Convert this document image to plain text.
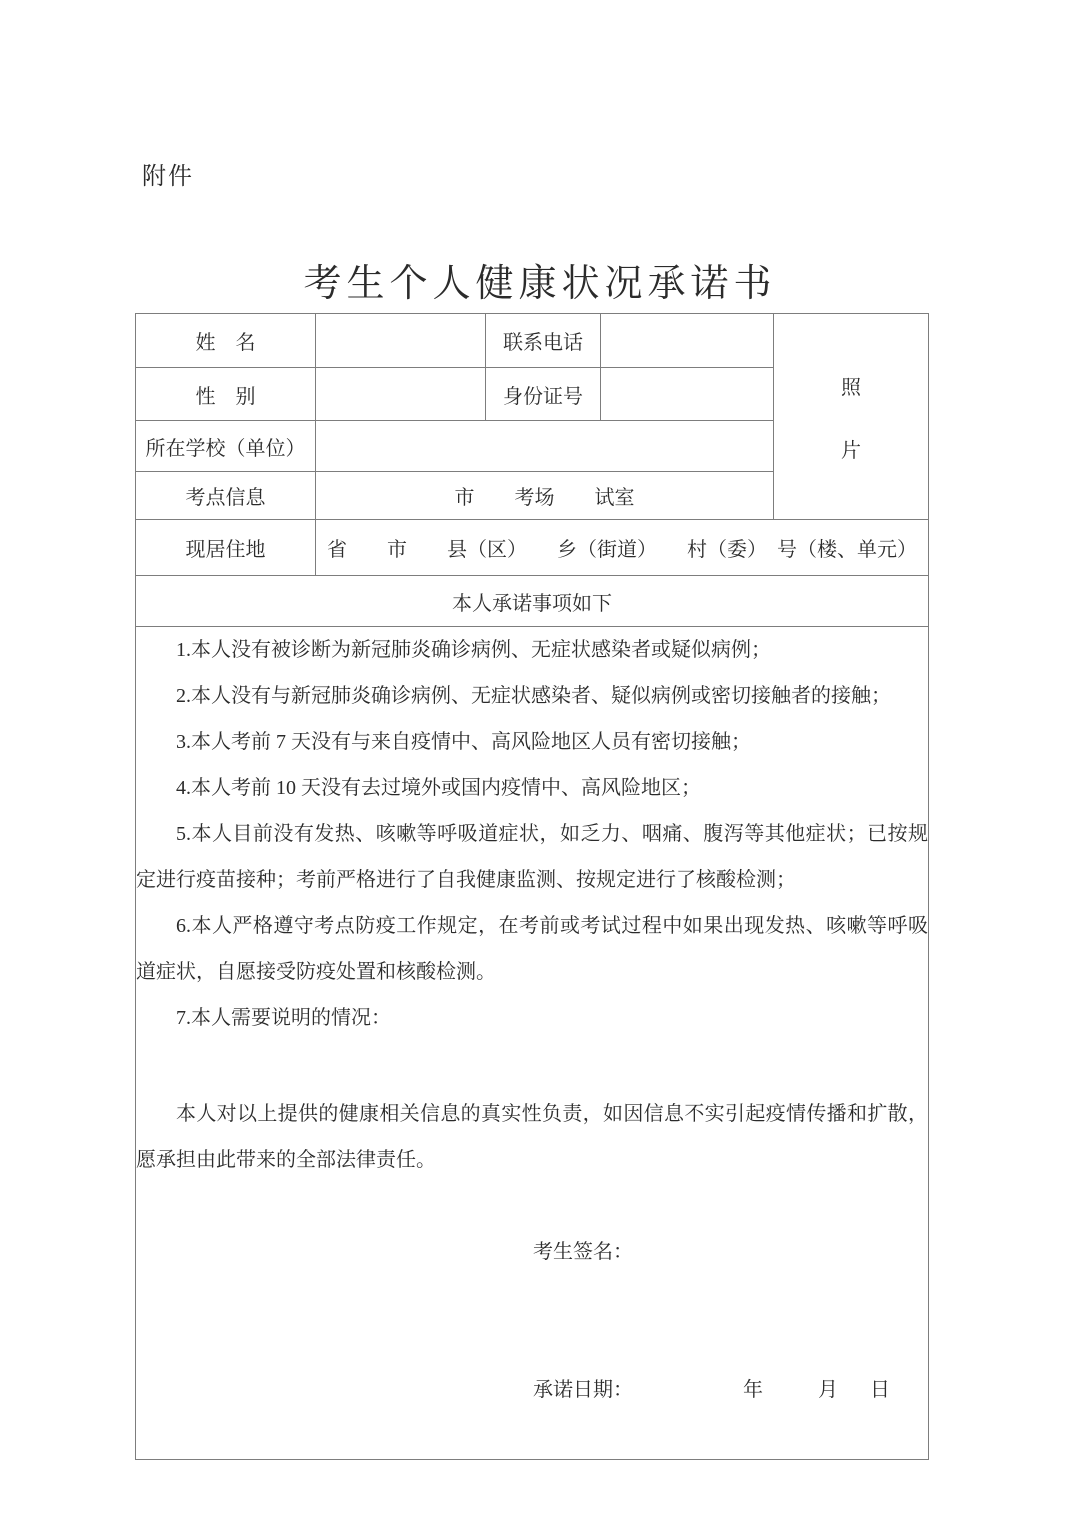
附件
考生个人健康状况承诺书
姓　名		联系电话		照
片

性　别		身份证号		
所在学校（单位）				
考点信息	市　　考场　　试室			
现居住地	省　　市　　县（区）　　乡（街道）　　村（委）　号（楼、单元）			
本人承诺事项如下				

1.本人没有被诊断为新冠肺炎确诊病例、无症状感染者或疑似病例；

2.本人没有与新冠肺炎确诊病例、无症状感染者、疑似病例或密切接触者的接触；

3.本人考前 7 天没有与来自疫情中、高风险地区人员有密切接触；

4.本人考前 10 天没有去过境外或国内疫情中、高风险地区；

5.本人目前没有发热、咳嗽等呼吸道症状，如乏力、咽痛、腹泻等其他症状；已按规定进行疫苗接种；考前严格进行了自我健康监测、按规定进行了核酸检测；

6.本人严格遵守考点防疫工作规定，在考前或考试过程中如果出现发热、咳嗽等呼吸道症状，自愿接受防疫处置和核酸检测。

7.本人需要说明的情况：

本人对以上提供的健康相关信息的真实性负责，如因信息不实引起疫情传播和扩散，愿承担由此带来的全部法律责任。

考生签名：

承诺日期：	年	月 日
